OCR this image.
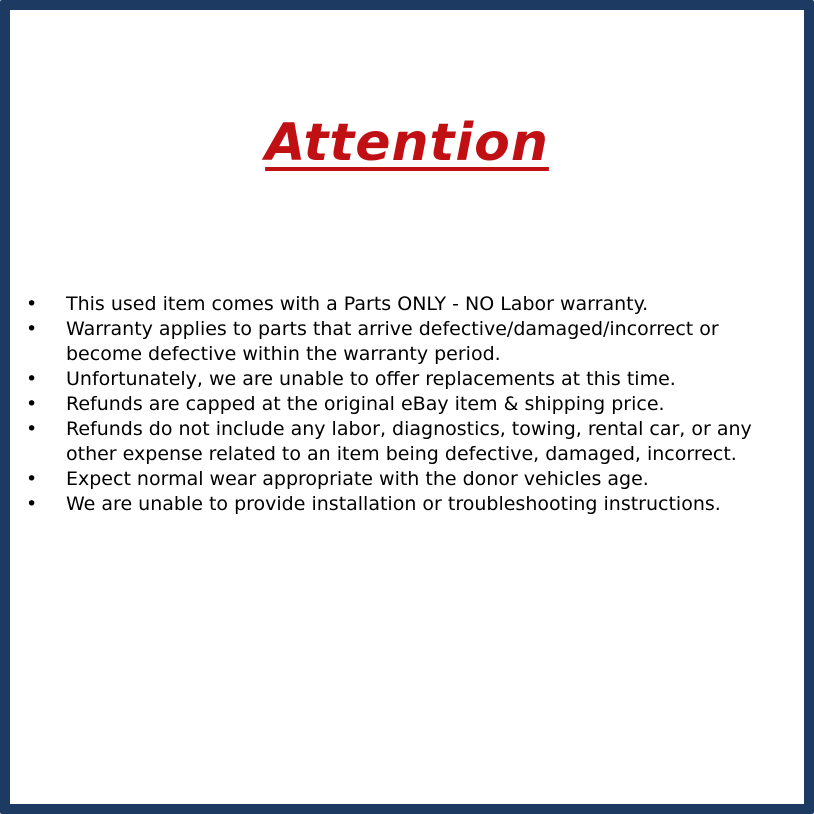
Attention
• This used item comes with a Parts ONLY - NO Labor warranty.
• Warranty applies to parts that arrive defective/damaged/incorrect or become defective within the warranty period.
• Unfortunately, we are unable to offer replacements at this time.
• Refunds are capped at the original eBay item & shipping price.
• Refunds do not include any labor, diagnostics, towing, rental car, or any other expense related to an item being defective, damaged, incorrect.
• Expect normal wear appropriate with the donor vehicles age.
• We are unable to provide installation or troubleshooting instructions.
